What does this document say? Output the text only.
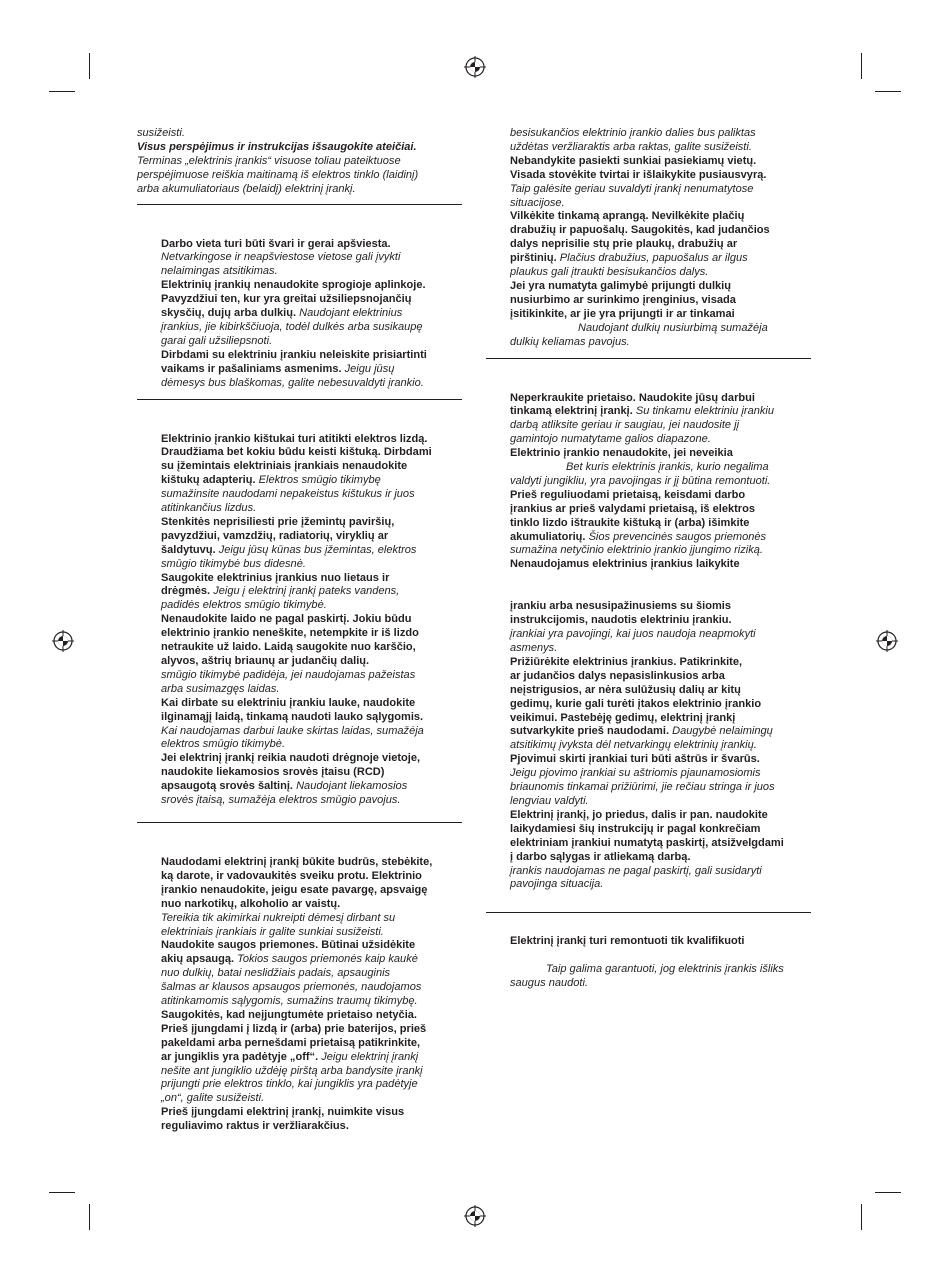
susižeisti.

Visus perspėjimus ir instrukcijas išsaugokite ateičiai.

Terminas „elektrinis įrankis“ visuose toliau pateiktuose

perspėjimuose reiškia maitinamą iš elektros tinklo (laidinį)

arba akumuliatoriaus (belaidį) elektrinį įrankį.

Darbo vieta turi būti švari ir gerai apšviesta.

Netvarkingose ir neapšviestose vietose gali įvykti

nelaimingas atsitikimas.

Elektrinių įrankių nenaudokite sprogioje aplinkoje.

Pavyzdžiui ten, kur yra greitai užsiliepsnojančių

skysčių, dujų arba dulkių. Naudojant elektrinius

įrankius, jie kibirkščiuoja, todėl dulkės arba susikaupę

garai gali užsiliepsnoti.

Dirbdami su elektriniu įrankiu neleiskite prisiartinti

vaikams ir pašaliniams asmenims. Jeigu jūsų

dėmesys bus blaškomas, galite nebesuvaldyti įrankio.

Elektrinio įrankio kištukai turi atitikti elektros lizdą.

Draudžiama bet kokiu būdu keisti kištuką. Dirbdami

su įžemintais elektriniais įrankiais nenaudokite

kištukų adapterių. Elektros smūgio tikimybę

sumažinsite naudodami nepakeistus kištukus ir juos

atitinkančius lizdus.

Stenkitės neprisiliesti prie įžemintų paviršių,

pavyzdžiui, vamzdžių, radiatorių, viryklių ar

šaldytuvų. Jeigu jūsų kūnas bus įžemintas, elektros

smūgio tikimybė bus didesnė.

Saugokite elektrinius įrankius nuo lietaus ir

drėgmės. Jeigu į elektrinį įrankį pateks vandens,

padidės elektros smūgio tikimybė.

Nenaudokite laido ne pagal paskirtį. Jokiu būdu

elektrinio įrankio neneškite, netempkite ir iš lizdo

netraukite už laido. Laidą saugokite nuo karščio,

alyvos, aštrių briaunų ar judančių dalių.

smūgio tikimybė padidėja, jei naudojamas pažeistas

arba susimazgęs laidas.

Kai dirbate su elektriniu įrankiu lauke, naudokite

ilginamąjį laidą, tinkamą naudoti lauko sąlygomis.

Kai naudojamas darbui lauke skirtas laidas, sumažėja

elektros smūgio tikimybė.

Jei elektrinį įrankį reikia naudoti drėgnoje vietoje,

naudokite liekamosios srovės įtaisu (RCD)

apsaugotą srovės šaltinį. Naudojant liekamosios

srovės įtaisą, sumažėja elektros smūgio pavojus.

Naudodami elektrinį įrankį būkite budrūs, stebėkite,

ką darote, ir vadovaukitės sveiku protu. Elektrinio

įrankio nenaudokite, jeigu esate pavargę, apsvaigę

nuo narkotikų, alkoholio ar vaistų.

Tereikia tik akimirkai nukreipti dėmesį dirbant su

elektriniais įrankiais ir galite sunkiai susižeisti.

Naudokite saugos priemones. Būtinai užsidėkite

akių apsaugą. Tokios saugos priemonės kaip kaukė

nuo dulkių, batai neslidžiais padais, apsauginis

šalmas ar klausos apsaugos priemonės, naudojamos

atitinkamomis sąlygomis, sumažins traumų tikimybę.

Saugokitės, kad neįjungtumėte prietaiso netyčia.

Prieš įjungdami į lizdą ir (arba) prie baterijos, prieš

pakeldami arba pernešdami prietaisą patikrinkite,

ar jungiklis yra padėtyje „off“. Jeigu elektrinį įrankį

nešite ant jungiklio uždėję pirštą arba bandysite įrankį

prijungti prie elektros tinklo, kai jungiklis yra padėtyje

„on“, galite susižeisti.

Prieš įjungdami elektrinį įrankį, nuimkite visus

reguliavimo raktus ir veržliarakčius.

besisukančios elektrinio įrankio dalies bus paliktas

uždėtas veržliaraktis arba raktas, galite susižeisti.

Nebandykite pasiekti sunkiai pasiekiamų vietų.

Visada stovėkite tvirtai ir išlaikykite pusiausvyrą.

Taip galėsite geriau suvaldyti įrankį nenumatytose

situacijose.

Vilkėkite tinkamą aprangą. Nevilkėkite plačių

drabužių ir papuošalų. Saugokitės, kad judančios

dalys neprisilie stų prie plaukų, drabužių ar

pirštinių. Plačius drabužius, papuošalus ar ilgus

plaukus gali įtraukti besisukančios dalys.

Jei yra numatyta galimybė prijungti dulkių

nusiurbimo ar surinkimo įrenginius, visada

įsitikinkite, ar jie yra prijungti ir ar tinkamai

Naudojant dulkių nusiurbimą sumažėja

dulkių keliamas pavojus.

Neperkraukite prietaiso. Naudokite jūsų darbui

tinkamą elektrinį įrankį. Su tinkamu elektriniu įrankiu

darbą atliksite geriau ir saugiau, jei naudosite jį

gamintojo numatytame galios diapazone.

Elektrinio įrankio nenaudokite, jei neveikia

Bet kuris elektrinis įrankis, kurio negalima

valdyti jungikliu, yra pavojingas ir jį būtina remontuoti.

Prieš reguliuodami prietaisą, keisdami darbo

įrankius ar prieš valydami prietaisą, iš elektros

tinklo lizdo ištraukite kištuką ir (arba) išimkite

akumuliatorių. Šios prevencinės saugos priemonės

sumažina netyčinio elektrinio įrankio įjungimo riziką.

Nenaudojamus elektrinius įrankius laikykite

įrankiu arba nesusipažinusiems su šiomis

instrukcijomis, naudotis elektriniu įrankiu.

įrankiai yra pavojingi, kai juos naudoja neapmokyti

asmenys.

Prižiūrėkite elektrinius įrankius. Patikrinkite,

ar judančios dalys nepasislinkusios arba

neįstrigusios, ar nėra sulūžusių dalių ar kitų

gedimų, kurie gali turėti įtakos elektrinio įrankio

veikimui. Pastebėję gedimų, elektrinį įrankį

sutvarkykite prieš naudodami. Daugybė nelaimingų

atsitikimų įvyksta dėl netvarkingų elektrinių įrankių.

Pjovimui skirti įrankiai turi būti aštrūs ir švarūs.

Jeigu pjovimo įrankiai su aštriomis pjaunamosiomis

briaunomis tinkamai prižiūrimi, jie rečiau stringa ir juos

lengviau valdyti.

Elektrinį įrankį, jo priedus, dalis ir pan. naudokite

laikydamiesi šių instrukcijų ir pagal konkrečiam

elektriniam įrankiui numatytą paskirtį, atsižvelgdami

į darbo sąlygas ir atliekamą darbą.

įrankis naudojamas ne pagal paskirtį, gali susidaryti

pavojinga situacija.

Elektrinį įrankį turi remontuoti tik kvalifikuoti

Taip galima garantuoti, jog elektrinis įrankis išliks

saugus naudoti.
